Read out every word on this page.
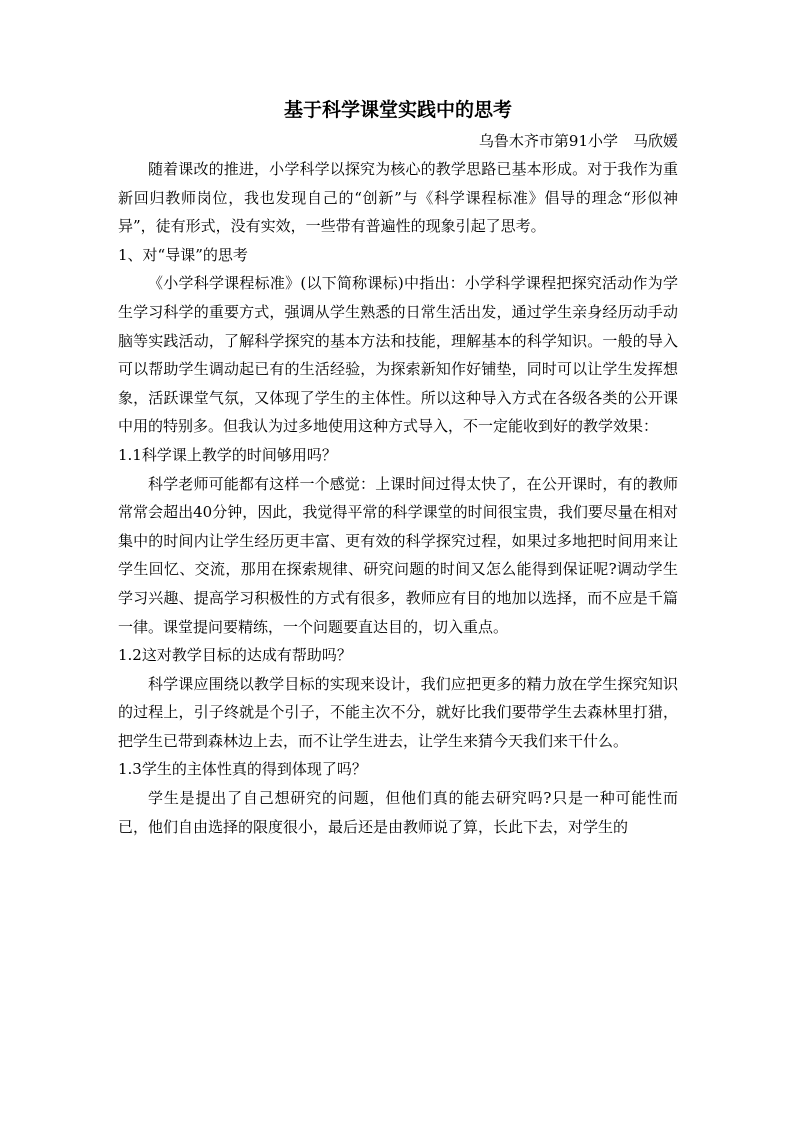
基于科学课堂实践中的思考

乌鲁木齐市第91小学　马欣媛

随着课改的推进，小学科学以探究为核心的教学思路已基本形成。对于我作为重新回归教师岗位，我也发现自己的“创新”与《科学课程标准》倡导的理念“形似神异”，徒有形式，没有实效，一些带有普遍性的现象引起了思考。

1、对“导课”的思考

《小学科学课程标准》(以下简称课标)中指出：小学科学课程把探究活动作为学生学习科学的重要方式，强调从学生熟悉的日常生活出发，通过学生亲身经历动手动脑等实践活动，了解科学探究的基本方法和技能，理解基本的科学知识。一般的导入可以帮助学生调动起已有的生活经验，为探索新知作好铺垫，同时可以让学生发挥想象，活跃课堂气氛，又体现了学生的主体性。所以这种导入方式在各级各类的公开课中用的特别多。但我认为过多地使用这种方式导入，不一定能收到好的教学效果：

1.1科学课上教学的时间够用吗？

科学老师可能都有这样一个感觉：上课时间过得太快了，在公开课时，有的教师常常会超出40分钟，因此，我觉得平常的科学课堂的时间很宝贵，我们要尽量在相对集中的时间内让学生经历更丰富、更有效的科学探究过程，如果过多地把时间用来让学生回忆、交流，那用在探索规律、研究问题的时间又怎么能得到保证呢?调动学生学习兴趣、提高学习积极性的方式有很多，教师应有目的地加以选择，而不应是千篇一律。课堂提问要精练，一个问题要直达目的，切入重点。

1.2这对教学目标的达成有帮助吗？

科学课应围绕以教学目标的实现来设计，我们应把更多的精力放在学生探究知识的过程上，引子终就是个引子，不能主次不分，就好比我们要带学生去森林里打猎，把学生已带到森林边上去，而不让学生进去，让学生来猜今天我们来干什么。

1.3学生的主体性真的得到体现了吗？

学生是提出了自己想研究的问题，但他们真的能去研究吗?只是一种可能性而已，他们自由选择的限度很小，最后还是由教师说了算，长此下去，对学生的
